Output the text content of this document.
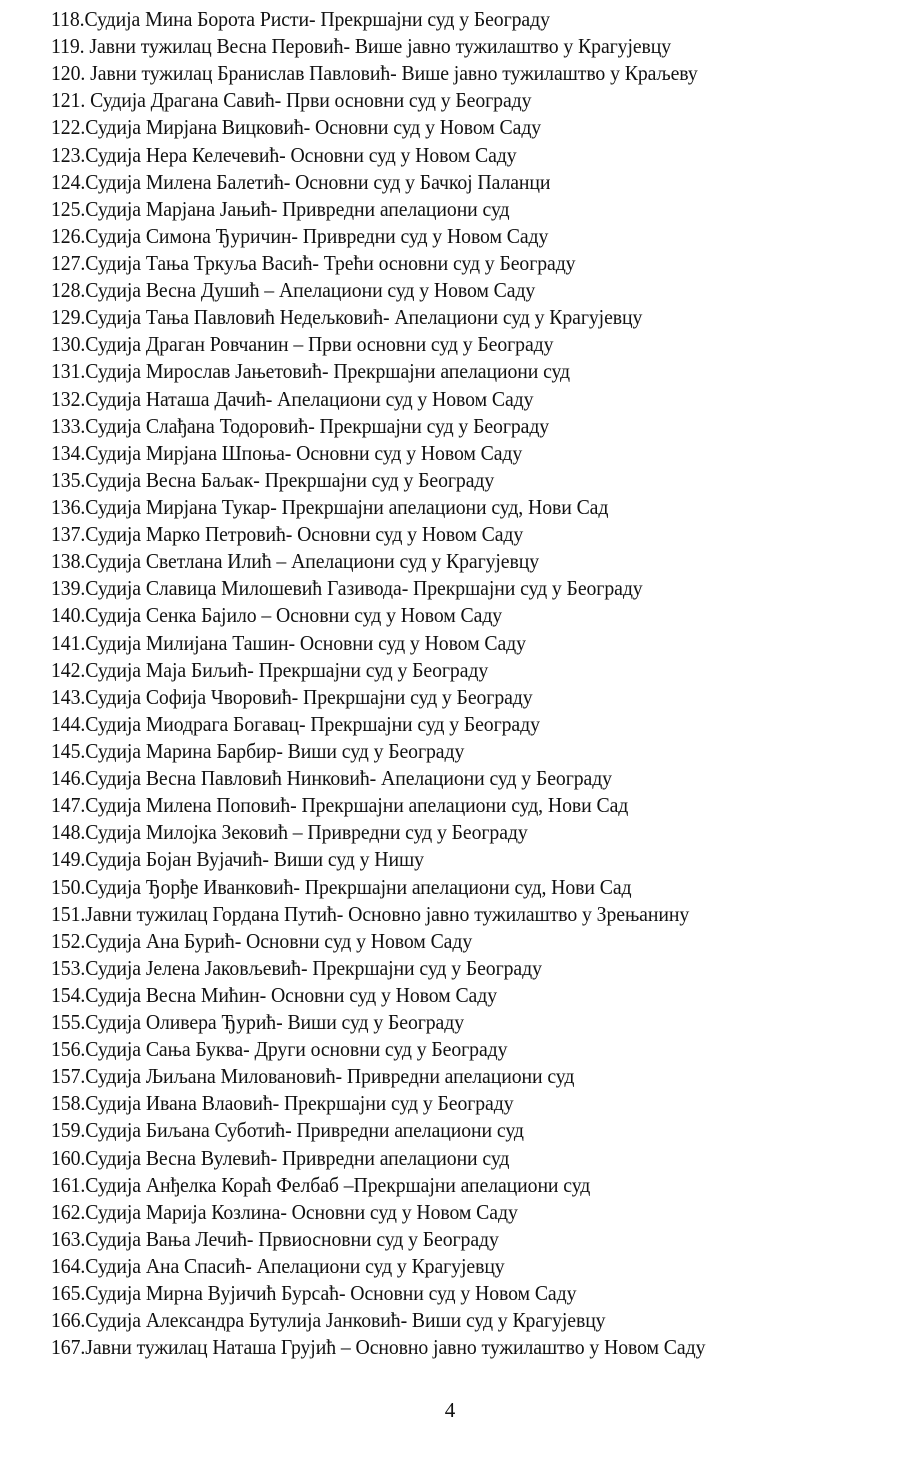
118.Судија Мина Борота Ристи- Прекршајни суд у Београду
119. Јавни тужилац Весна Перовић- Више јавно тужилаштво у Крагујевцу
120. Јавни тужилац Бранислав Павловић- Више јавно тужилаштво у Краљеву
121. Судија Драгана Савић- Први основни суд у Београду
122.Судија Мирјана Вицковић- Основни суд у Новом Саду
123.Судија Нера Келечевић- Основни суд у Новом Саду
124.Судија Милена Балетић- Основни суд у Бачкој Паланци
125.Судија Марјана Јањић- Привредни апелациони суд
126.Судија Симона Ђуричин- Привредни суд у Новом Саду
127.Судија Тања Тркуља Васић- Трећи основни суд у Београду
128.Судија Весна Душић – Апелациони суд у Новом Саду
129.Судија Тања Павловић Недељковић- Апелациони суд у Крагујевцу
130.Судија Драган Ровчанин – Први основни суд у Београду
131.Судија Мирослав Јањетовић- Прекршајни апелациони суд
132.Судија Наташа Дачић- Апелациони суд у Новом Саду
133.Судија Слађана Тодоровић- Прекршајни суд у Београду
134.Судија Мирјана Шпоња- Основни суд у Новом Саду
135.Судија Весна Баљак- Прекршајни суд у Београду
136.Судија Мирјана Тукар- Прекршајни апелациони суд, Нови Сад
137.Судија Марко Петровић- Основни суд у Новом Саду
138.Судија Светлана Илић – Апелациони суд у Крагујевцу
139.Судија Славица Милошевић Газивода- Прекршајни суд у Београду
140.Судија Сенка Бајило – Основни суд у Новом Саду
141.Судија Милијана Ташин- Основни суд у Новом Саду
142.Судија Маја Биљић- Прекршајни суд у Београду
143.Судија Софија Чворовић- Прекршајни суд у Београду
144.Судија Миодрага Богавац- Прекршајни суд у Београду
145.Судија Марина Барбир- Виши суд у Београду
146.Судија Весна Павловић Нинковић- Апелациони суд у Београду
147.Судија Милена Поповић- Прекршајни апелациони суд, Нови Сад
148.Судија Милојка Зековић – Привредни суд у Београду
149.Судија Бојан Вујачић- Виши суд у Нишу
150.Судија Ђорђе Иванковић- Прекршајни апелациони суд, Нови Сад
151.Јавни тужилац Гордана Путић- Основно јавно тужилаштво у Зрењанину
152.Судија Ана Бурић- Основни суд у Новом Саду
153.Судија Јелена Јаковљевић- Прекршајни суд у Београду
154.Судија Весна Мићин- Основни суд у Новом Саду
155.Судија Оливера Ђурић- Виши суд у Београду
156.Судија Сања Буква- Други основни суд у Београду
157.Судија Љиљана Миловановић- Привредни апелациони суд
158.Судија Ивана Влаовић- Прекршајни суд у Београду
159.Судија Биљана Суботић- Привредни апелациони суд
160.Судија Весна Вулевић- Привредни апелациони суд
161.Судија Анђелка Кораћ Фелбаб –Прекршајни апелациони суд
162.Судија Марија Козлина- Основни суд у Новом Саду
163.Судија Вања Лечић- Првиосновни суд у Београду
164.Судија Ана Спасић- Апелациони суд у Крагујевцу
165.Судија Мирна Вујичић Бурсаћ- Основни суд у Новом Саду
166.Судија Александра Бутулија Јанковић- Виши суд у Крагујевцу
167.Јавни тужилац Наташа Грујић – Основно јавно тужилаштво у Новом Саду
4
